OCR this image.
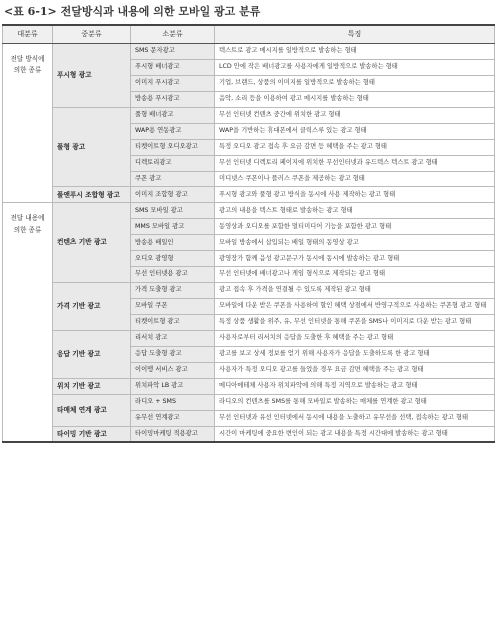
<표 6-1> 전달방식과 내용에 의한 모바일 광고 분류
대분류	중분류	소분류	특징
전달 방식에 의한 종류	푸시형 광고	SMS 문자광고	텍스트로 광고 메시지를 일방적으로 발송하는 형태
		푸시형 배너광고	LCD 안에 작은 배너광고를 사용자에게 일방적으로 발송하는 형태
		이미지 푸시광고	기업, 브랜드, 상품의 이미지를 일방적으로 발송하는 형태
		방송용 푸시광고	음악, 소리 등을 이용하여 광고 메시지를 발송하는 형태
	풀형 광고	풀형 배너광고	무선 인터넷 컨텐츠 중간에 위치한 광고 형태
		WAP용 연동광고	WAP을 기반하는 휴대폰에서 클릭스루 있는 광고 형태
		티켓이트형 오디오광고	특정 오디오 광고 접속 후 요금 감면 등 혜택을 주는 광고 형태
		디렉토리광고	무선 인터넷 디렉토리 페이지에 위치한 무선인터넷과 유드텍스 텍스트 광고 형태
		쿠폰 광고	미디넷스 쿠폰이나 플러스 쿠폰을 제공하는 광고 형태
	풀앤푸시 조합형 광고	이미지 조합형 광고	푸시형 광고와 풀형 광고 방식을 동시에 사용 제작하는 광고 형태
전달 내용에 의한 종류	컨텐츠 기반 광고	SMS 모바일 광고	광고의 내용을 텍스트 형태로 발송하는 광고 형태
		MMS 모바일 광고	동영상과 오디오를 포함한 멀티미디어 기능을 포함한 광고 형태
		방송용 배일인	모바일 방송에서 삽입되는 배일 형태의 동영상 광고
		오디오 광영형	광영장가 함께 음성 광고문구가 동시에 동시에 발송하는 광고 형태
		무선 인터넷용 광고	무선 인터넷에 배너광고나 게임 형식으로 제작되는 광고 형태
	가격 기반 광고	가격 도출형 광고	광고 접속 후 가격을 연결될 수 있도록 제작된 광고 형태
		모바일 쿠폰	모바일에 다운 받은 쿠폰을 사용하여 할인 혜택 상점에서 반영구적으로 사용하는 쿠폰형 광고 형태
		티켓이트형 광고	특정 상품 생활을 위주, 유, 무선 인터넷을 통해 쿠폰을 SMS나 이미지로 다운 받는 광고 형태
	응답 기반 광고	리서치 광고	사용자로부터 리서치의 응답을 도출한 후 혜택을 주는 광고 형태
		응답 도출형 광고	광고를 보고 상세 정보를 얻기 위해 사용자가 응답을 도출하도록 한 광고 형태
		이이맹 서비스 광고	사용자가 특정 오디오 광고를 들었을 경우 요금 감면 혜택을 주는 광고 형태
	위치 기반 광고	위치파악 LB 광고	메디아메테체 사용자 위치파악에 의해 특정 지역으로 발송하는 광고 형태
	타매체 연계 광고	라디오 + SMS	라디오의 컨텐츠를 SMS를 통해 모바일로 발송하는 매체를 연계한 광고 형태
		유무선 연계광고	무선 인터넷과 유선 인터넷에서 동시에 내용을 노출하고 유무선을 선택, 접속하는 광고 형태
	타이밍 기반 광고	타이밍마케팅 적용광고	시간이 마케팅에 중요한 변인이 되는 광고 내용을 특정 시간대에 발송하는 광고 형태
